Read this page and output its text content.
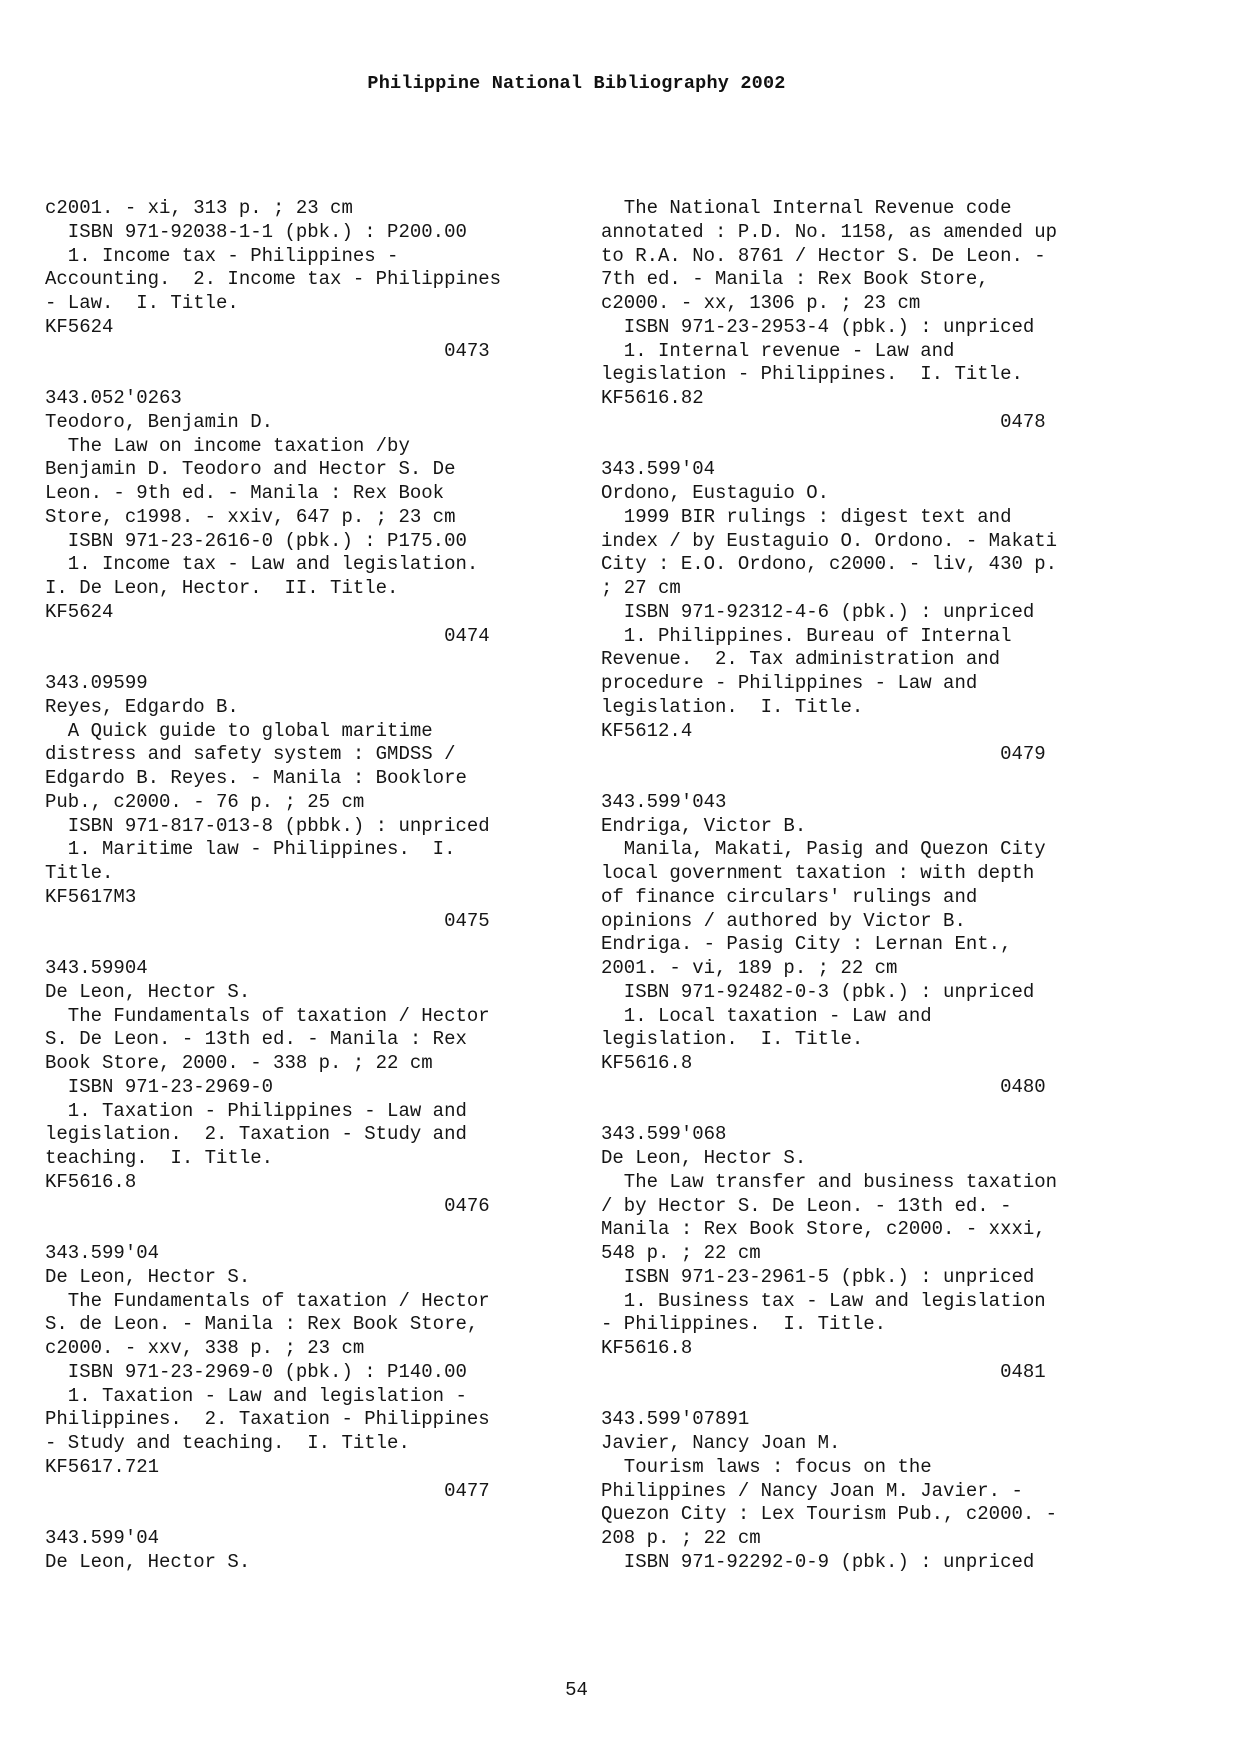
Philippine National Bibliography 2002
c2001. - xi, 313 p. ; 23 cm
ISBN 971-92038-1-1 (pbk.) : P200.00
1. Income tax - Philippines -
Accounting.  2. Income tax - Philippines
- Law.  I. Title.
KF5624
0473
343.052'0263
Teodoro, Benjamin D.
The Law on income taxation /by
Benjamin D. Teodoro and Hector S. De
Leon. - 9th ed. - Manila : Rex Book
Store, c1998. - xxiv, 647 p. ; 23 cm
ISBN 971-23-2616-0 (pbk.) : P175.00
1. Income tax - Law and legislation.
I. De Leon, Hector.  II. Title.
KF5624
0474
343.09599
Reyes, Edgardo B.
A Quick guide to global maritime
distress and safety system : GMDSS /
Edgardo B. Reyes. - Manila : Booklore
Pub., c2000. - 76 p. ; 25 cm
ISBN 971-817-013-8 (pbbk.) : unpriced
1. Maritime law - Philippines.  I.
Title.
KF5617M3
0475
343.59904
De Leon, Hector S.
The Fundamentals of taxation / Hector
S. De Leon. - 13th ed. - Manila : Rex
Book Store, 2000. - 338 p. ; 22 cm
ISBN 971-23-2969-0
1. Taxation - Philippines - Law and
legislation.  2. Taxation - Study and
teaching.  I. Title.
KF5616.8
0476
343.599'04
De Leon, Hector S.
The Fundamentals of taxation / Hector
S. de Leon. - Manila : Rex Book Store,
c2000. - xxv, 338 p. ; 23 cm
ISBN 971-23-2969-0 (pbk.) : P140.00
1. Taxation - Law and legislation -
Philippines.  2. Taxation - Philippines
- Study and teaching.  I. Title.
KF5617.721
0477
343.599'04
De Leon, Hector S.
The National Internal Revenue code
annotated : P.D. No. 1158, as amended up
to R.A. No. 8761 / Hector S. De Leon. -
7th ed. - Manila : Rex Book Store,
c2000. - xx, 1306 p. ; 23 cm
ISBN 971-23-2953-4 (pbk.) : unpriced
1. Internal revenue - Law and
legislation - Philippines.  I. Title.
KF5616.82
0478
343.599'04
Ordono, Eustaguio O.
1999 BIR rulings : digest text and
index / by Eustaguio O. Ordono. - Makati
City : E.O. Ordono, c2000. - liv, 430 p.
; 27 cm
ISBN 971-92312-4-6 (pbk.) : unpriced
1. Philippines. Bureau of Internal
Revenue.  2. Tax administration and
procedure - Philippines - Law and
legislation.  I. Title.
KF5612.4
0479
343.599'043
Endriga, Victor B.
Manila, Makati, Pasig and Quezon City
local government taxation : with depth
of finance circulars' rulings and
opinions / authored by Victor B.
Endriga. - Pasig City : Lernan Ent.,
2001. - vi, 189 p. ; 22 cm
ISBN 971-92482-0-3 (pbk.) : unpriced
1. Local taxation - Law and
legislation.  I. Title.
KF5616.8
0480
343.599'068
De Leon, Hector S.
The Law transfer and business taxation
/ by Hector S. De Leon. - 13th ed. -
Manila : Rex Book Store, c2000. - xxxi,
548 p. ; 22 cm
ISBN 971-23-2961-5 (pbk.) : unpriced
1. Business tax - Law and legislation
- Philippines.  I. Title.
KF5616.8
0481
343.599'07891
Javier, Nancy Joan M.
Tourism laws : focus on the
Philippines / Nancy Joan M. Javier. -
Quezon City : Lex Tourism Pub., c2000. -
208 p. ; 22 cm
ISBN 971-92292-0-9 (pbk.) : unpriced
54
